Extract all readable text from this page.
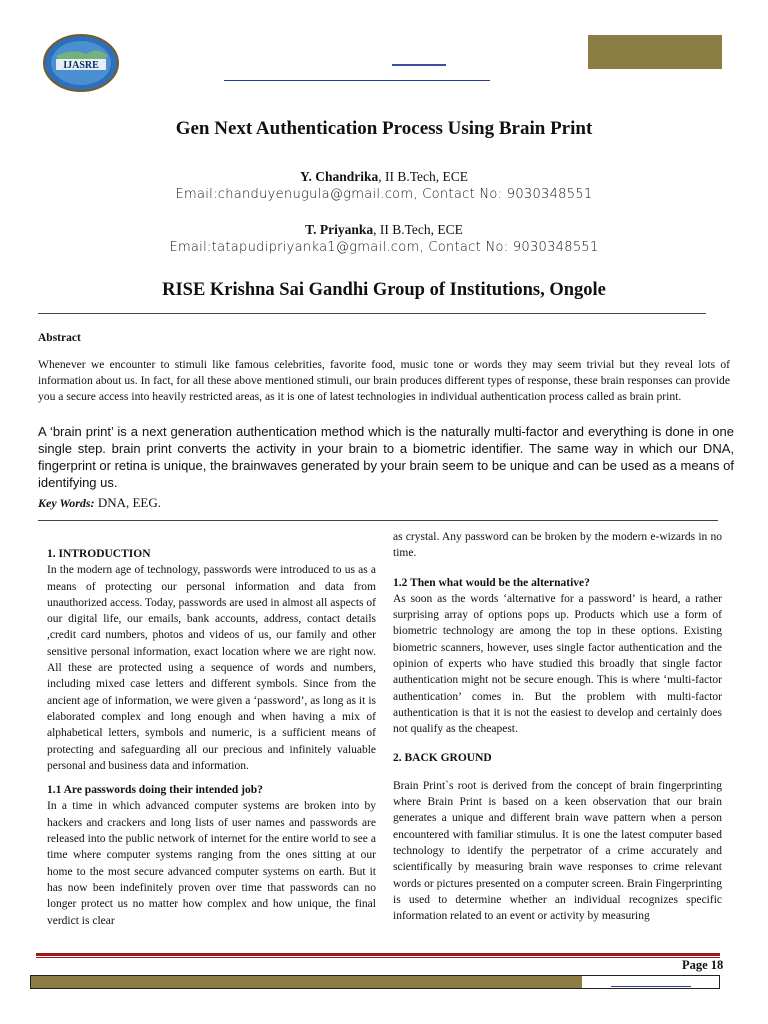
IJASRE
Gen Next Authentication Process Using Brain Print
Y. Chandrika, II B.Tech, ECE
Email:chanduyenugula@gmail.com, Contact No: 9030348551
T. Priyanka, II B.Tech, ECE
Email:tatapudipriyanka1@gmail.com, Contact No: 9030348551
RISE Krishna Sai Gandhi Group of Institutions, Ongole
Abstract
Whenever we encounter to stimuli like famous celebrities, favorite food, music tone or words they may seem trivial but they reveal lots of information about us. In fact, for all these above mentioned stimuli, our brain produces different types of response, these brain responses can provide you a secure access into heavily restricted areas, as it is one of latest technologies in individual authentication process called as brain print.
A ‘brain print’ is a next generation authentication method which is the naturally multi-factor and everything is done in one single step. brain print converts the activity in your brain to a biometric identifier. The same way in which our DNA, fingerprint or retina is unique, the brainwaves generated by your brain seem to be unique and can be used as a means of identifying us.
Key Words: DNA, EEG.
1. INTRODUCTION

In the modern age of technology, passwords were introduced to us as a means of protecting our personal information and data from unauthorized access. Today, passwords are used in almost all aspects of our digital life, our emails, bank accounts, address, contact details ,credit card numbers, photos and videos of us, our family and other sensitive personal information, exact location where we are right now. All these are protected using a sequence of words and numbers, including mixed case letters and different symbols. Since from the ancient age of information, we were given a ‘password’, as long as it is elaborated complex and long enough and when having a mix of alphabetical letters, symbols and numeric, is a sufficient means of protecting and safeguarding all our precious and infinitely valuable personal and business data and information.

1.1 Are passwords doing their intended job?

In a time in which advanced computer systems are broken into by hackers and crackers and long lists of user names and passwords are released into the public network of internet for the entire world to see a time where computer systems ranging from the ones sitting at our home to the most secure advanced computer systems on earth. But it has now been indefinitely proven over time that passwords can no longer protect us no matter how complex and how unique, the final verdict is clear

as crystal. Any password can be broken by the modern e-wizards in no time.

1.2 Then what would be the alternative?

As soon as the words ‘alternative for a password’ is heard, a rather surprising array of options pops up. Products which use a form of biometric technology are among the top in these options. Existing biometric scanners, however, uses single factor authentication and the opinion of experts who have studied this broadly that single factor authentication might not be secure enough. This is where ‘multi-factor authentication’ comes in. But the problem with multi-factor authentication is that it is not the easiest to develop and certainly does not qualify as the cheapest.

2. BACK GROUND

Brain Print`s root is derived from the concept of brain fingerprinting where Brain Print is based on a keen observation that our brain generates a unique and different brain wave pattern when a person encountered with familiar stimulus. It is one the latest computer based technology to identify the perpetrator of a crime accurately and scientifically by measuring brain wave responses to crime relevant words or pictures presented on a computer screen. Brain Fingerprinting is used to determine whether an individual recognizes specific information related to an event or activity by measuring

Page 18
